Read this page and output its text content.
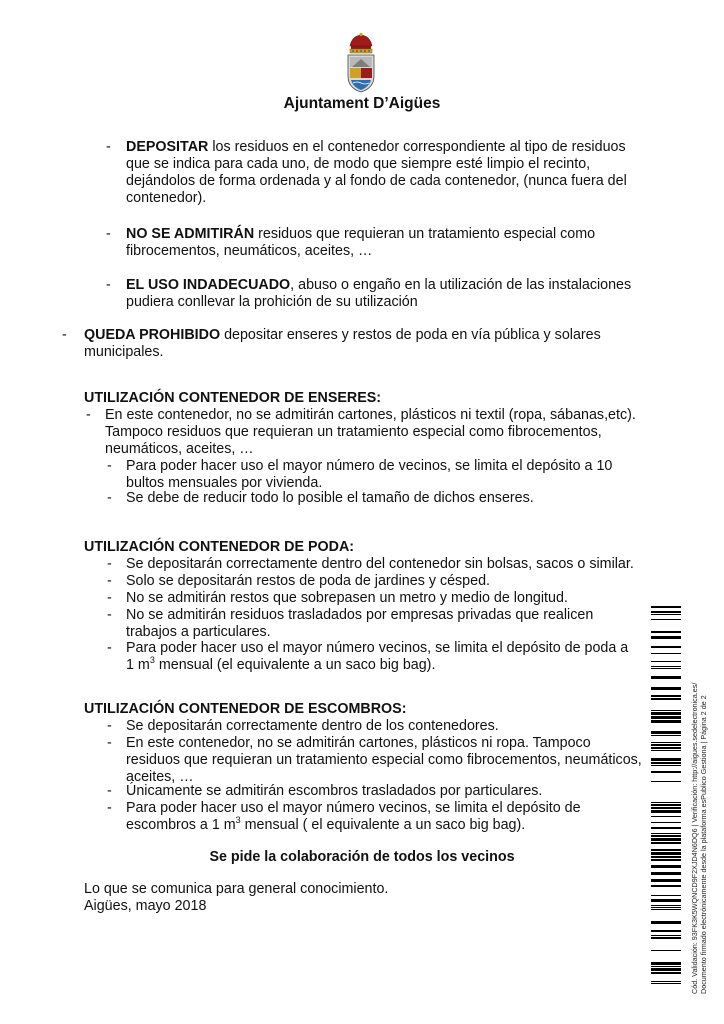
Ajuntament D’Aigües
- DEPOSITAR los residuos en el contenedor correspondiente al tipo de residuos
que se indica para cada uno, de modo que siempre esté limpio el recinto,
dejándolos de forma ordenada y al fondo de cada contenedor, (nunca fuera del
contenedor).
- NO SE ADMITIRÁN residuos que requieran un tratamiento especial como
fibrocementos, neumáticos, aceites, …
- EL USO INDADECUADO, abuso o engaño en la utilización de las instalaciones
pudiera conllevar la prohición de su utilización
- QUEDA PROHIBIDO depositar enseres y restos de poda en vía pública y solares
municipales.
UTILIZACIÓN CONTENEDOR DE ENSERES:
- En este contenedor, no se admitirán cartones, plásticos ni textil (ropa, sábanas,etc).
Tampoco residuos que requieran un tratamiento especial como fibrocementos,
neumáticos, aceites, …
- Para poder hacer uso el mayor número de vecinos, se limita el depósito a 10
bultos mensuales por vivienda.
- Se debe de reducir todo lo posible el tamaño de dichos enseres.
UTILIZACIÓN CONTENEDOR DE PODA:
- Se depositarán correctamente dentro del contenedor sin bolsas, sacos o similar.
- Solo se depositarán restos de poda de jardines y césped.
- No se admitirán restos que sobrepasen un metro y medio de longitud.
- No se admitirán residuos trasladados por empresas privadas que realicen
trabajos a particulares.
- Para poder hacer uso el mayor número vecinos, se limita el depósito de poda a
1 $m^3$ mensual (el equivalente a un saco big bag).
UTILIZACIÓN CONTENEDOR DE ESCOMBROS:
- Se depositarán correctamente dentro de los contenedores.
- En este contenedor, no se admitirán cartones, plásticos ni ropa. Tampoco
residuos que requieran un tratamiento especial como fibrocementos, neumáticos,
aceites, …
- Únicamente se admitirán escombros trasladados por particulares.
- Para poder hacer uso el mayor número vecinos, se limita el depósito de
escombros a 1 $m^3$ mensual ( el equivalente a un saco big bag).
Se pide la colaboración de todos los vecinos
Lo que se comunica para general conocimiento.
Aigües, mayo 2018	Cód. Validación: 93FK3K5WQNCD9F2XJD4N6DQ6 | Verificación: http://aigues.sedelectronica.es/ Documento firmado electrónicamente desde la plataforma esPublico Gestiona | Página 2 de 2
